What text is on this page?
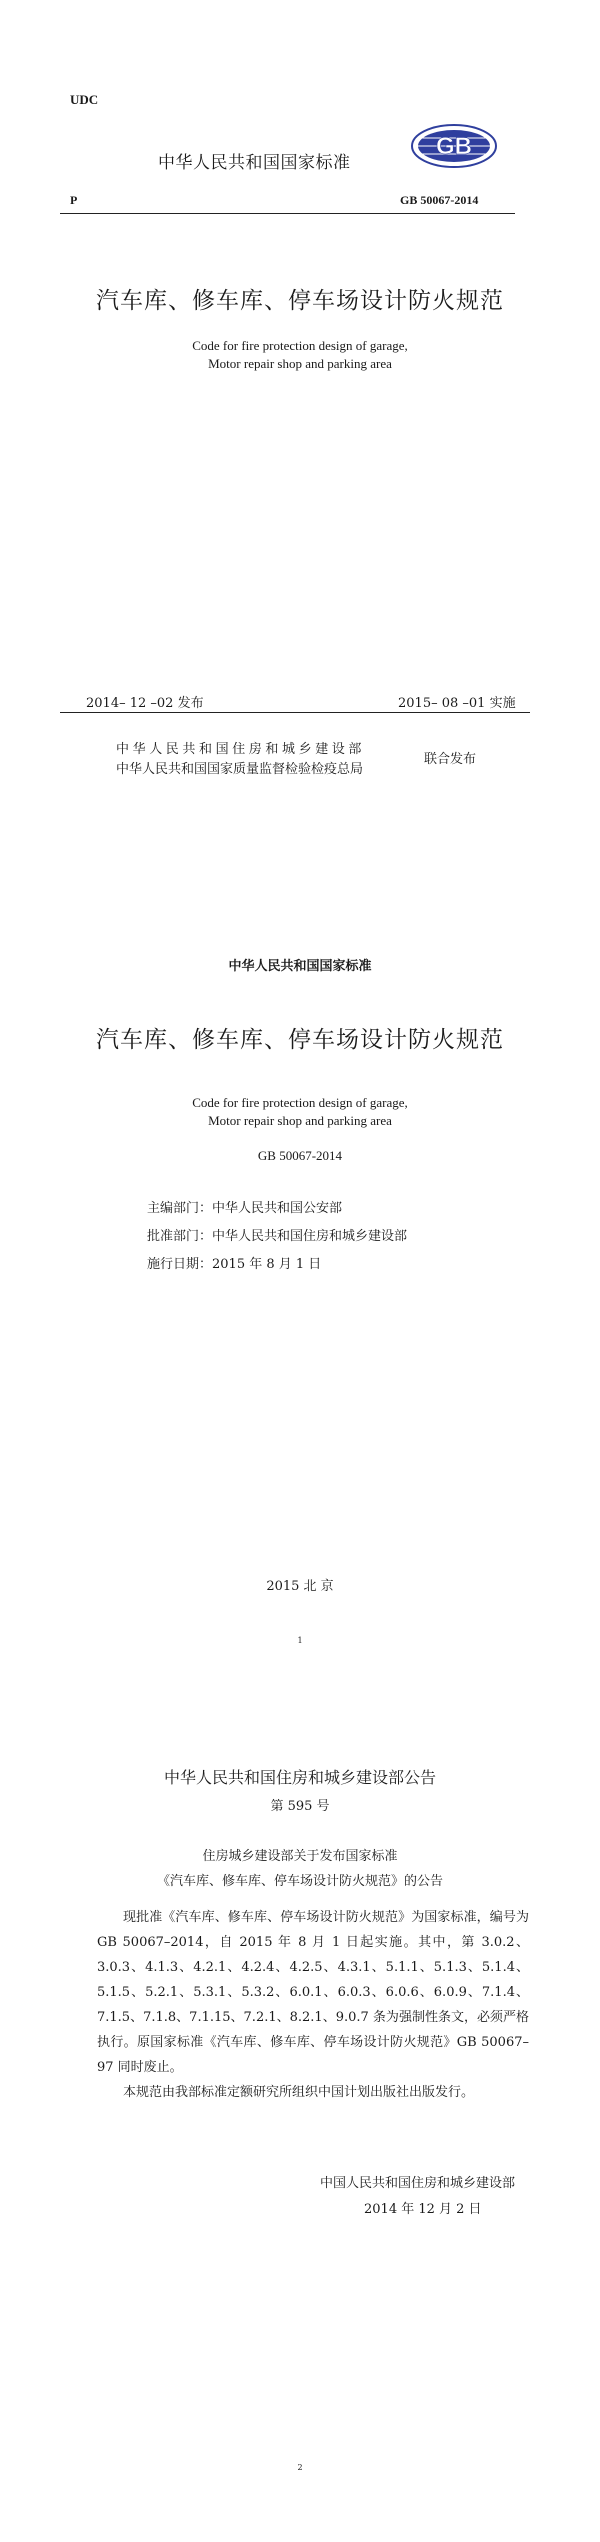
UDC
中华人民共和国国家标准
GB
P	GB 50067-2014
汽车库、修车库、停车场设计防火规范
Code for fire protection design of garage,
Motor repair shop and parking area
2014– 12 –02 发布	2015– 08 –01 实施
中华人民共和国住房和城乡建设部
中华人民共和国国家质量监督检验检疫总局
联合发布
中华人民共和国国家标准
汽车库、修车库、停车场设计防火规范
Code for fire protection design of garage,
Motor repair shop and parking area
GB 50067-2014
主编部门：中华人民共和国公安部
批准部门：中华人民共和国住房和城乡建设部
施行日期：2015 年 8 月 1 日
2015 北 京
1
中华人民共和国住房和城乡建设部公告
第 595 号
住房城乡建设部关于发布国家标准
《汽车库、修车库、停车场设计防火规范》的公告

现批准《汽车库、修车库、停车场设计防火规范》为国家标准，编号为 GB 50067–2014，自 2015 年 8 月 1 日起实施。其中，第 3.0.2、3.0.3、4.1.3、4.2.1、4.2.4、4.2.5、4.3.1、5.1.1、5.1.3、5.1.4、5.1.5、5.2.1、5.3.1、5.3.2、6.0.1、6.0.3、6.0.6、6.0.9、7.1.4、7.1.5、7.1.8、7.1.15、7.2.1、8.2.1、9.0.7 条为强制性条文，必须严格执行。原国家标准《汽车库、修车库、停车场设计防火规范》GB 50067–97 同时废止。

本规范由我部标准定额研究所组织中国计划出版社出版发行。

中国人民共和国住房和城乡建设部
2014 年 12 月 2 日
2
